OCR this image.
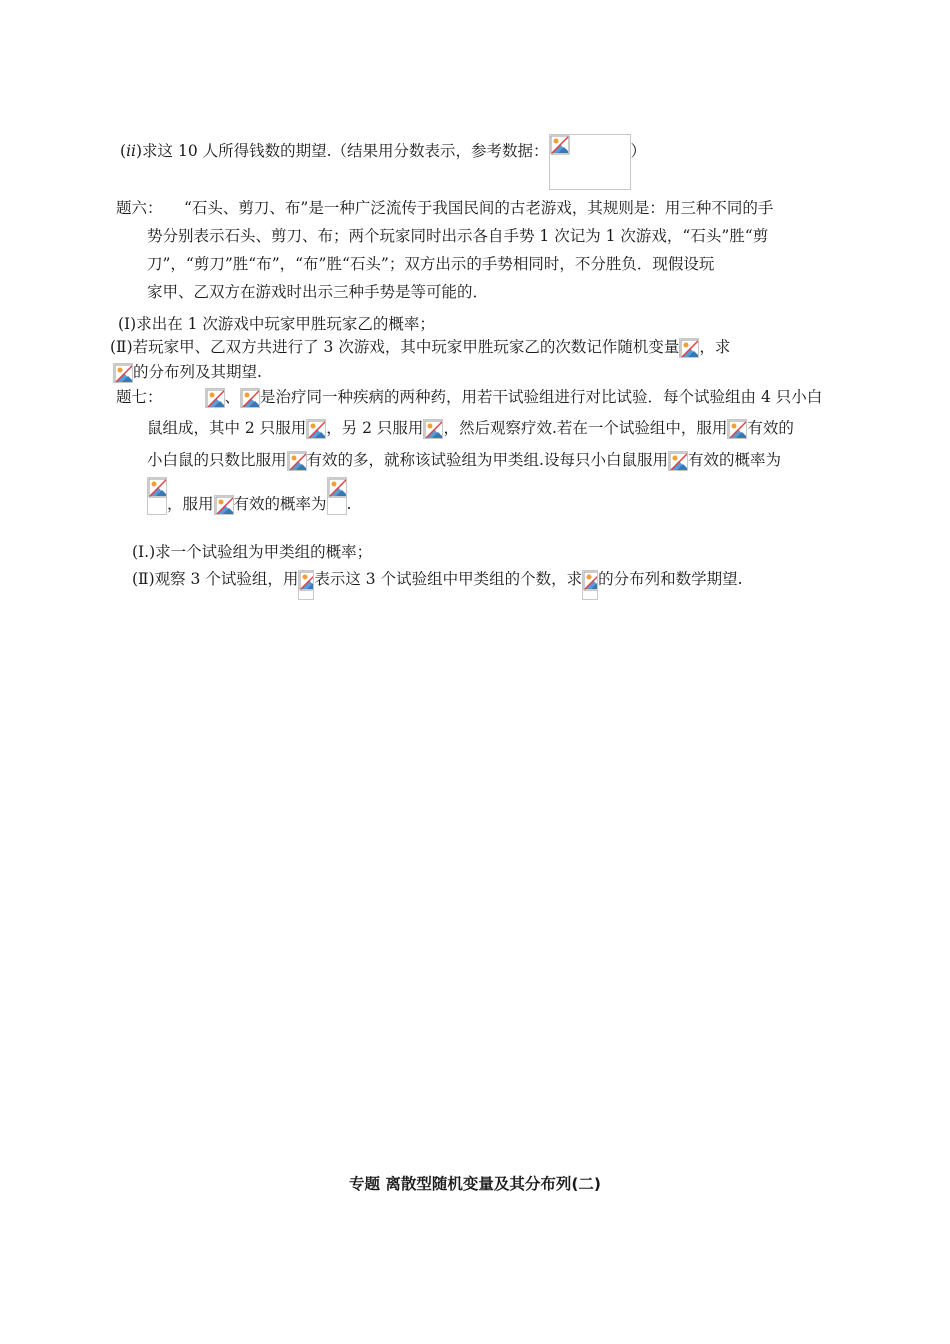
(ii)求这 10 人所得钱数的期望.（结果用分数表示，参考数据：	）
题六： “石头、剪刀、布”是一种广泛流传于我国民间的古老游戏，其规则是：用三种不同的手
势分别表示石头、剪刀、布；两个玩家同时出示各自手势 1 次记为 1 次游戏，“石头”胜“剪
刀”，“剪刀”胜“布”，“布”胜“石头”；双方出示的手势相同时，不分胜负．现假设玩
家甲、乙双方在游戏时出示三种手势是等可能的．
(Ⅰ)求出在 1 次游戏中玩家甲胜玩家乙的概率；
(Ⅱ)若玩家甲、乙双方共进行了 3 次游戏，其中玩家甲胜玩家乙的次数记作随机变量 ，求
的分布列及其期望.
题七：	、 是治疗同一种疾病的两种药，用若干试验组进行对比试验．每个试验组由 4 只小白
鼠组成，其中 2 只服用 ，另 2 只服用 ，然后观察疗效.若在一个试验组中，服用 有效的
小白鼠的只数比服用 有效的多，就称该试验组为甲类组.设每只小白鼠服用 有效的概率为
，服用 有效的概率为 .
(Ⅰ.)求一个试验组为甲类组的概率；
(Ⅱ)观察 3 个试验组，用 表示这 3 个试验组中甲类组的个数，求 的分布列和数学期望.
专题 离散型随机变量及其分布列(二)
